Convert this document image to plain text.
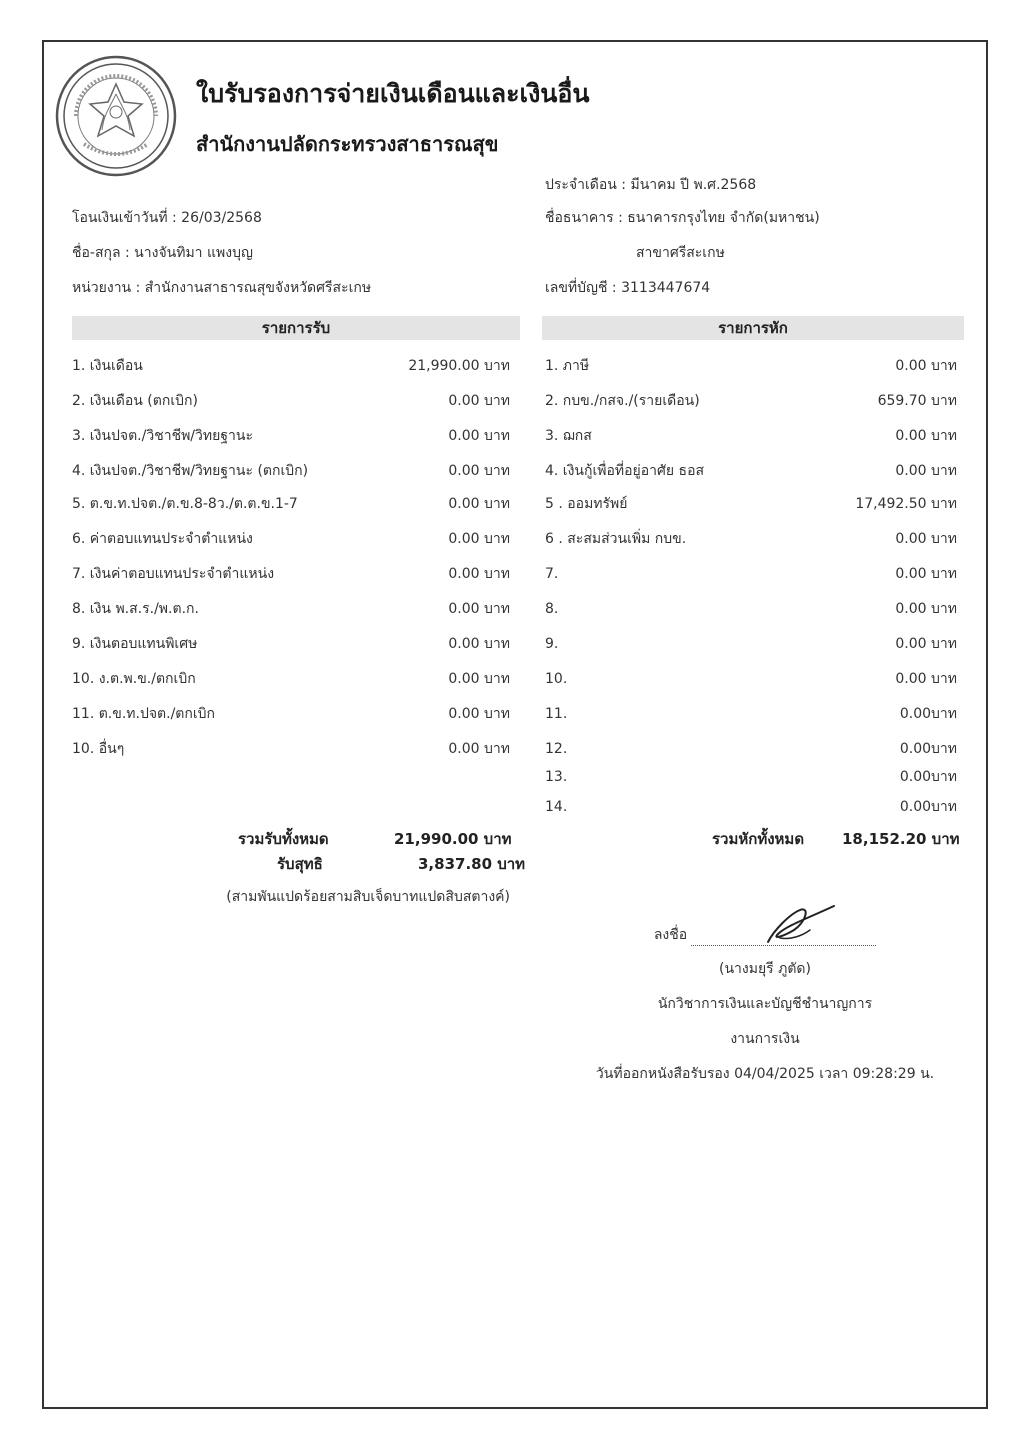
ใบรับรองการจ่ายเงินเดือนและเงินอื่น
สำนักงานปลัดกระทรวงสาธารณสุข
ประจำเดือน : มีนาคม ปี พ.ศ.2568
โอนเงินเข้าวันที่ : 26/03/2568	ชื่อธนาคาร : ธนาคารกรุงไทย จำกัด(มหาชน)
ชื่อ-สกุล : นางจันทิมา แพงบุญ	สาขาศรีสะเกษ
หน่วยงาน : สำนักงานสาธารณสุขจังหวัดศรีสะเกษ	เลขที่บัญชี : 3113447674
รายการรับ	รายการหัก
1. เงินเดือน	21,990.00 บาท
2. เงินเดือน (ตกเบิก)	0.00 บาท
3. เงินปจต./วิชาชีพ/วิทยฐานะ	0.00 บาท
4. เงินปจต./วิชาชีพ/วิทยฐานะ (ตกเบิก)	0.00 บาท
5. ต.ข.ท.ปจต./ต.ข.8-8ว./ต.ต.ข.1-7	0.00 บาท
6. ค่าตอบแทนประจำตำแหน่ง	0.00 บาท
7. เงินค่าตอบแทนประจำตำแหน่ง	0.00 บาท
8. เงิน พ.ส.ร./พ.ต.ก.	0.00 บาท
9. เงินตอบแทนพิเศษ	0.00 บาท
10. ง.ต.พ.ข./ตกเบิก	0.00 บาท
11. ต.ข.ท.ปจต./ตกเบิก	0.00 บาท
10. อื่นๆ	0.00 บาท
1. ภาษี	0.00 บาท
2. กบข./กสจ./(รายเดือน)	659.70 บาท
3. ฌกส	0.00 บาท
4. เงินกู้เพื่อที่อยู่อาศัย ธอส	0.00 บาท
5 . ออมทรัพย์	17,492.50 บาท
6 . สะสมส่วนเพิ่ม กบข.	0.00 บาท
7.	0.00 บาท
8.	0.00 บาท
9.	0.00 บาท
10.	0.00 บาท
11.	0.00บาท
12.	0.00บาท
13.	0.00บาท
14.	0.00บาท
รวมรับทั้งหมด	21,990.00 บาท
รับสุทธิ	3,837.80 บาท
(สามพันแปดร้อยสามสิบเจ็ดบาทแปดสิบสตางค์)
รวมหักทั้งหมด	18,152.20 บาท
ลงชื่อ
(นางมยุรี ภูตัด)
นักวิชาการเงินและบัญชีชำนาญการ
งานการเงิน
วันที่ออกหนังสือรับรอง 04/04/2025 เวลา 09:28:29 น.
